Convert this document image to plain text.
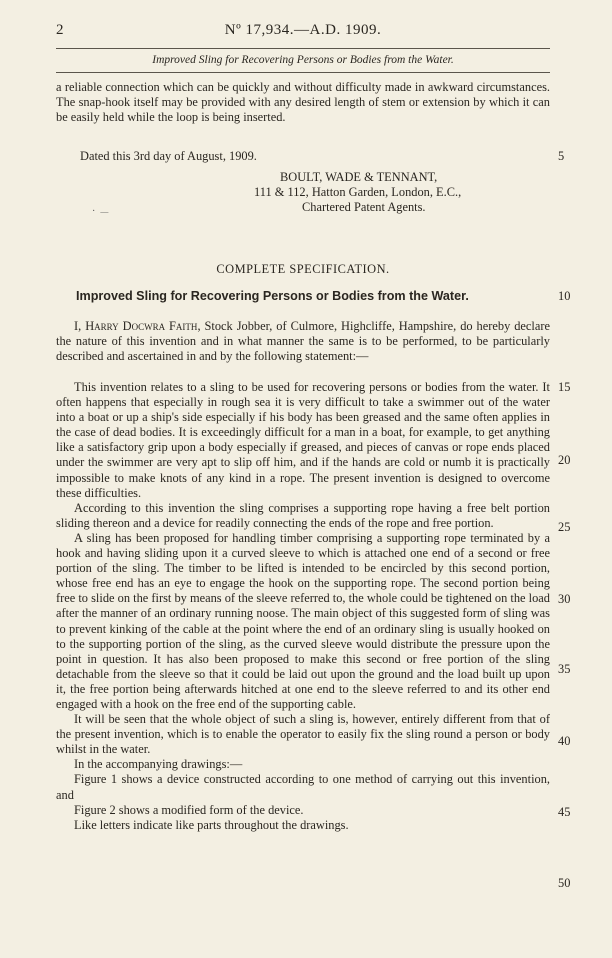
2	Nº 17,934.—A.D. 1909.
Improved Sling for Recovering Persons or Bodies from the Water.

a reliable connection which can be quickly and without difficulty made in awkward circumstances. The snap-hook itself may be provided with any desired length of stem or extension by which it can be easily held while the loop is being inserted.

Dated this 3rd day of August, 1909.	5
BOULT, WADE & TENNANT,
111 & 112, Hatton Garden, London, E.C.,
Chartered Patent Agents.
·  —
COMPLETE SPECIFICATION.
Improved Sling for Recovering Persons or Bodies from the Water.	10

I, Harry Docwra Faith, Stock Jobber, of Culmore, Highcliffe, Hampshire, do hereby declare the nature of this invention and in what manner the same is to be performed, to be particularly described and ascertained in and by the following statement:—

This invention relates to a sling to be used for recovering persons or bodies from the water. It often happens that especially in rough sea it is very difficult to take a swimmer out of the water into a boat or up a ship's side especially if his body has been greased and the same often applies in the case of dead bodies. It is exceedingly difficult for a man in a boat, for example, to get anything like a satisfactory grip upon a body especially if greased, and pieces of canvas or rope ends placed under the swimmer are very apt to slip off him, and if the hands are cold or numb it is practically impossible to make knots of any kind in a rope. The present invention is designed to overcome these difficulties.

According to this invention the sling comprises a supporting rope having a free belt portion sliding thereon and a device for readily connecting the ends of the rope and free portion.

A sling has been proposed for handling timber comprising a supporting rope terminated by a hook and having sliding upon it a curved sleeve to which is attached one end of a second or free portion of the sling. The timber to be lifted is intended to be encircled by this second portion, whose free end has an eye to engage the hook on the supporting rope. The second portion being free to slide on the first by means of the sleeve referred to, the whole could be tightened on the load after the manner of an ordinary running noose. The main object of this suggested form of sling was to prevent kinking of the cable at the point where the end of an ordinary sling is usually hooked on to the supporting portion of the sling, as the curved sleeve would distribute the pressure upon the point in question. It has also been proposed to make this second or free portion of the sling detachable from the sleeve so that it could be laid out upon the ground and the load built up upon it, the free portion being afterwards hitched at one end to the sleeve referred to and its other end engaged with a hook on the free end of the supporting cable.

It will be seen that the whole object of such a sling is, however, entirely different from that of the present invention, which is to enable the operator to easily fix the sling round a person or body whilst in the water.

In the accompanying drawings:—

Figure 1 shows a device constructed according to one method of carrying out this invention, and

Figure 2 shows a modified form of the device.

Like letters indicate like parts throughout the drawings.

15
20
25
30
35
40
45
50
